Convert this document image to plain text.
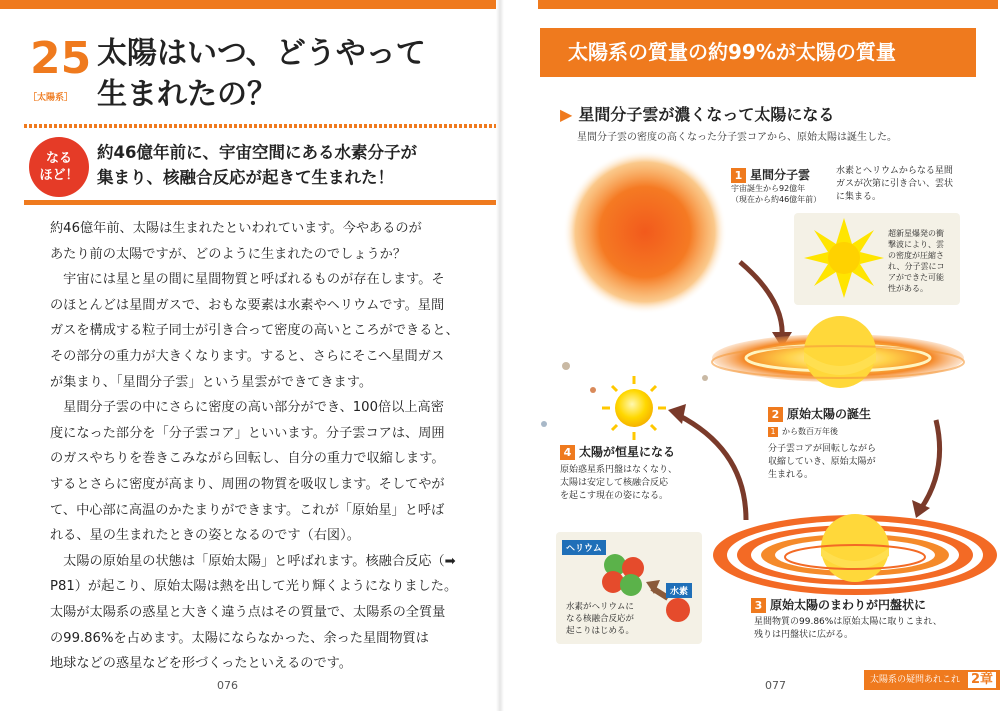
25
［太陽系］
太陽はいつ、どうやって
生まれたの？
なる
ほど！
約46億年前に、宇宙空間にある水素分子が
集まり、核融合反応が起きて生まれた！
約46億年前、太陽は生まれたといわれています。今やあるのが
あたり前の太陽ですが、どのように生まれたのでしょうか？
　宇宙には星と星の間に星間物質と呼ばれるものが存在します。そ
のほとんどは星間ガスで、おもな要素は水素やヘリウムです。星間
ガスを構成する粒子同士が引き合って密度の高いところができると、
その部分の重力が大きくなります。すると、さらにそこへ星間ガス
が集まり、「星間分子雲」という星雲ができてきます。
　星間分子雲の中にさらに密度の高い部分ができ、100倍以上高密
度になった部分を「分子雲コア」といいます。分子雲コアは、周囲
のガスやちりを巻きこみながら回転し、自分の重力で収縮します。
するとさらに密度が高まり、周囲の物質を吸収します。そしてやが
て、中心部に高温のかたまりができます。これが「原始星」と呼ば
れる、星の生まれたときの姿となるのです（右図）。
　太陽の原始星の状態は「原始太陽」と呼ばれます。核融合反応（➡
P81）が起こり、原始太陽は熱を出して光り輝くようになりました。
太陽が太陽系の惑星と大きく違う点はその質量で、太陽系の全質量
の99.86%を占めます。太陽にならなかった、余った星間物質は
地球などの惑星などを形づくったといえるのです。
076
太陽系の質量の約99%が太陽の質量
▶ 星間分子雲が濃くなって太陽になる
星間分子雲の密度の高くなった分子雲コアから、原始太陽は誕生した。
1 星間分子雲
宇宙誕生から92億年
（現在から約46億年前）
水素とヘリウムからなる星間
ガスが次第に引き合い、雲状
に集まる。
超新星爆発の衝
撃波により、雲
の密度が圧縮さ
れ、分子雲にコ
アができた可能
性がある。
2 原始太陽の誕生
1 から数百万年後
分子雲コアが回転しながら
収縮していき、原始太陽が
生まれる。
3 原始太陽のまわりが円盤状に
星間物質の99.86%は原始太陽に取りこまれ、
残りは円盤状に広がる。
4 太陽が恒星になる
原始惑星系円盤はなくなり、
太陽は安定して核融合反応
を起こす現在の姿になる。
ヘリウム
水素
水素がヘリウムに
なる核融合反応が
起こりはじめる。
077	太陽系の疑問あれこれ 2章
